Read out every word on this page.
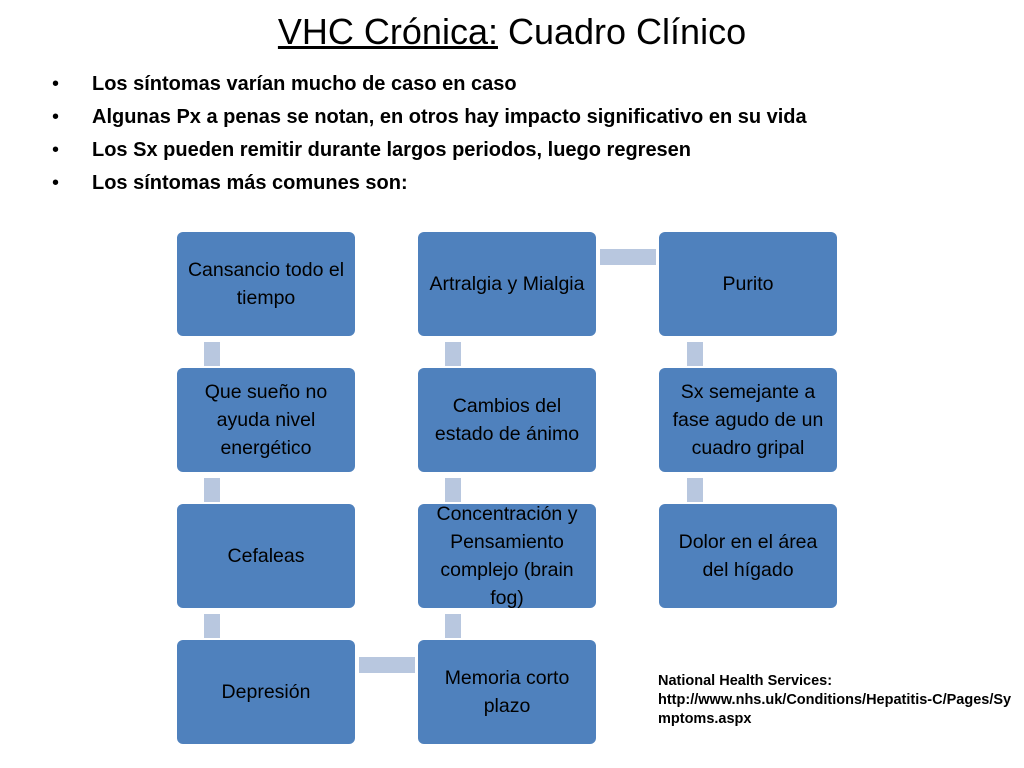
VHC Crónica: Cuadro Clínico
• Los síntomas varían mucho de caso en caso
• Algunas Px a penas se notan, en otros hay impacto significativo en su vida
• Los Sx pueden remitir durante largos periodos, luego regresen
• Los síntomas más comunes son:
Cansancio todo el tiempo
Que sueño no ayuda nivel energético
Cefaleas
Depresión
Memoria corto plazo
Concentración y Pensamiento complejo (brain fog)
Cambios del estado de ánimo
Artralgia y Mialgia	Purito
Sx semejante a fase agudo de un cuadro gripal
Dolor en el área del hígado
National Health Services:
http://www.nhs.uk/Conditions/Hepatitis-C/Pages/Symptoms.aspx
